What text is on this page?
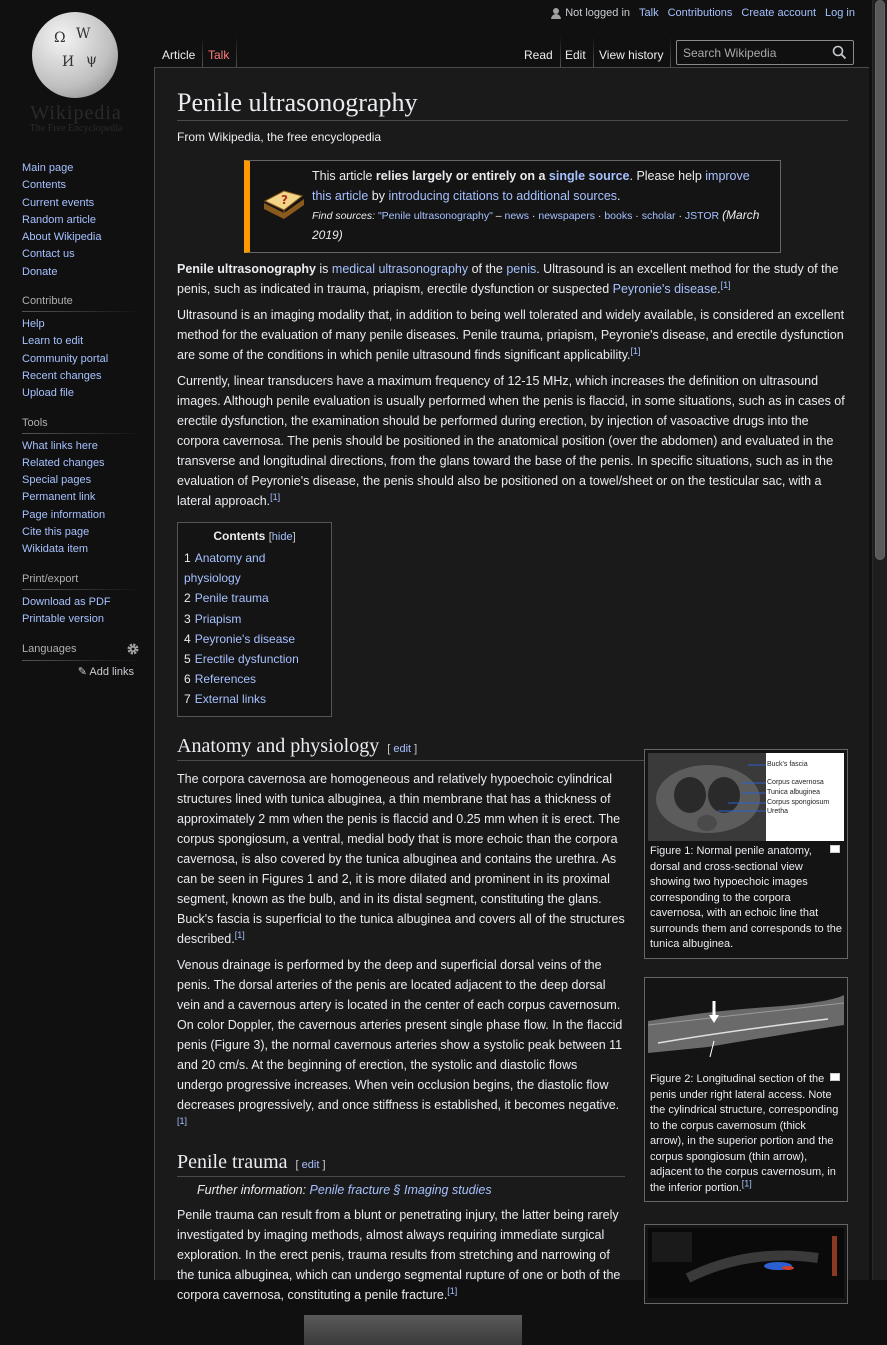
Ω W
И ψ
Wikipedia
The Free Encyclopedia
Main page
Contents
Current events
Random article
About Wikipedia
Contact us
Donate
Contribute
Help
Learn to edit
Community portal
Recent changes
Upload file
Tools
What links here
Related changes
Special pages
Permanent link
Page information
Cite this page
Wikidata item
Print/export
Download as PDF
Printable version
Languages
✎ Add links
Not logged in Talk Contributions Create account Log in
Article	Talk	Read	Edit	View history
Search Wikipedia
Penile ultrasonography
From Wikipedia, the free encyclopedia
?
This article relies largely or entirely on a single source. Please help improve this article by introducing citations to additional sources.
Find sources: "Penile ultrasonography" – news · newspapers · books · scholar · JSTOR (March 2019)
Penile ultrasonography is medical ultrasonography of the penis. Ultrasound is an excellent method for the study of the penis, such as indicated in trauma, priapism, erectile dysfunction or suspected Peyronie's disease.[1]
Ultrasound is an imaging modality that, in addition to being well tolerated and widely available, is considered an excellent method for the evaluation of many penile diseases. Penile trauma, priapism, Peyronie's disease, and erectile dysfunction are some of the conditions in which penile ultrasound finds significant applicability.[1]
Currently, linear transducers have a maximum frequency of 12-15 MHz, which increases the definition on ultrasound images. Although penile evaluation is usually performed when the penis is flaccid, in some situations, such as in cases of erectile dysfunction, the examination should be performed during erection, by injection of vasoactive drugs into the corpora cavernosa. The penis should be positioned in the anatomical position (over the abdomen) and evaluated in the transverse and longitudinal directions, from the glans toward the base of the penis. In specific situations, such as in the evaluation of Peyronie's disease, the penis should also be positioned on a towel/sheet or on the testicular sac, with a lateral approach.[1]
Contents [hide]
1 Anatomy and physiology
2 Penile trauma
3 Priapism
4 Peyronie's disease
5 Erectile dysfunction
6 References
7 External links
Anatomy and physiology [ edit ]
The corpora cavernosa are homogeneous and relatively hypoechoic cylindrical structures lined with tunica albuginea, a thin membrane that has a thickness of approximately 2 mm when the penis is flaccid and 0.25 mm when it is erect. The corpus spongiosum, a ventral, medial body that is more echoic than the corpora cavernosa, is also covered by the tunica albuginea and contains the urethra. As can be seen in Figures 1 and 2, it is more dilated and prominent in its proximal segment, known as the bulb, and in its distal segment, constituting the glans. Buck's fascia is superficial to the tunica albuginea and covers all of the structures described.[1]
Venous drainage is performed by the deep and superficial dorsal veins of the penis. The dorsal arteries of the penis are located adjacent to the deep dorsal vein and a cavernous artery is located in the center of each corpus cavernosum. On color Doppler, the cavernous arteries present single phase flow. In the flaccid penis (Figure 3), the normal cavernous arteries show a systolic peak between 11 and 20 cm/s. At the beginning of erection, the systolic and diastolic flows undergo progressive increases. When vein occlusion begins, the diastolic flow decreases progressively, and once stiffness is established, it becomes negative.[1]
Penile trauma [ edit ]
Further information: Penile fracture § Imaging studies
Penile trauma can result from a blunt or penetrating injury, the latter being rarely investigated by imaging methods, almost always requiring immediate surgical exploration. In the erect penis, trauma results from stretching and narrowing of the tunica albuginea, which can undergo segmental rupture of one or both of the corpora cavernosa, constituting a penile fracture.[1]
Buck's fascia
Corpus cavernosa
Tunica albuginea
Corpus spongiosum
Uretha
Figure 1: Normal penile anatomy, dorsal and cross-sectional view showing two hypoechoic images corresponding to the corpora cavernosa, with an echoic line that surrounds them and corresponds to the tunica albuginea.
Figure 2: Longitudinal section of the penis under right lateral access. Note the cylindrical structure, corresponding to the corpus cavernosum (thick arrow), in the superior portion and the corpus spongiosum (thin arrow), adjacent to the corpus cavernosum, in the inferior portion.[1]
